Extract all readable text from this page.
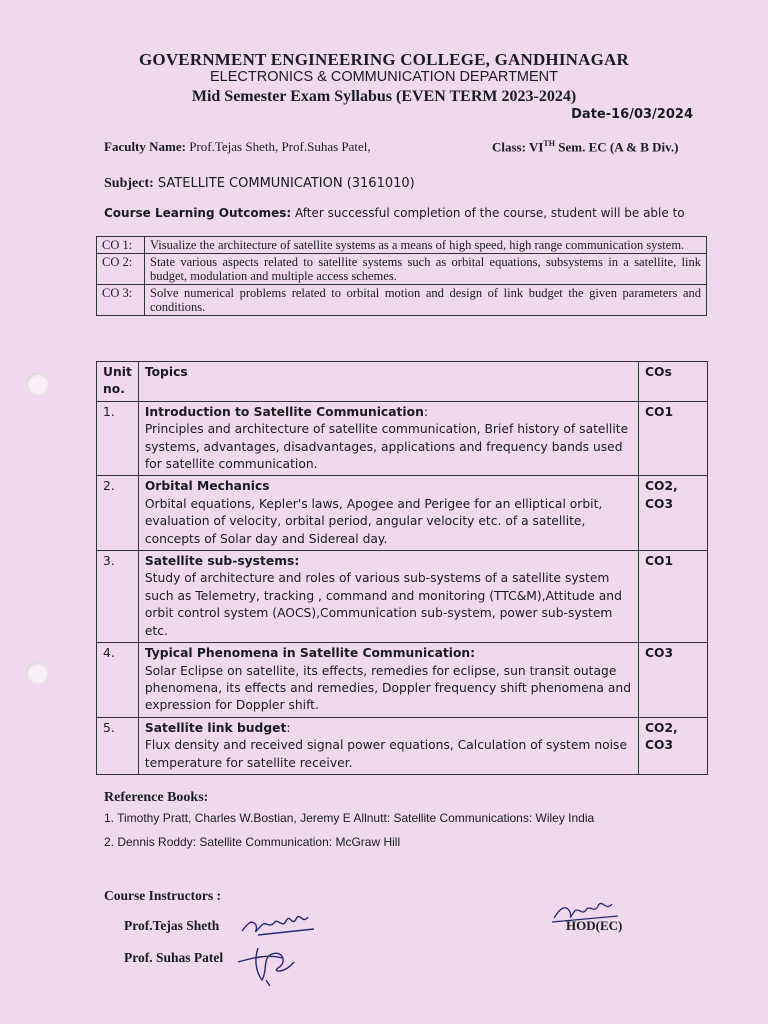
GOVERNMENT ENGINEERING COLLEGE, GANDHINAGAR
ELECTRONICS & COMMUNICATION DEPARTMENT
Mid Semester Exam Syllabus (EVEN TERM 2023-2024)
Date-16/03/2024
Faculty Name: Prof.Tejas Sheth, Prof.Suhas Patel,	Class: VITH Sem. EC (A & B Div.)
Subject: SATELLITE COMMUNICATION (3161010)
Course Learning Outcomes: After successful completion of the course, student will be able to
CO 1:	Visualize the architecture of satellite systems as a means of high speed, high range communication system.
CO 2:	State various aspects related to satellite systems such as orbital equations, subsystems in a satellite, link budget, modulation and multiple access schemes.
CO 3:	Solve numerical problems related to orbital motion and design of link budget the given parameters and conditions.
Unit no.	Topics	COs
1.	Introduction to Satellite Communication:
Principles and architecture of satellite communication, Brief history of satellite systems, advantages, disadvantages, applications and frequency bands used for satellite communication.	CO1
2.	Orbital Mechanics
Orbital equations, Kepler's laws, Apogee and Perigee for an elliptical orbit, evaluation of velocity, orbital period, angular velocity etc. of a satellite, concepts of Solar day and Sidereal day.	CO2, CO3
3.	Satellite sub-systems:
Study of architecture and roles of various sub-systems of a satellite system such as Telemetry, tracking , command and monitoring (TTC&M),Attitude and orbit control system (AOCS),Communication sub-system, power sub-system etc.	CO1
4.	Typical Phenomena in Satellite Communication:
Solar Eclipse on satellite, its effects, remedies for eclipse, sun transit outage phenomena, its effects and remedies, Doppler frequency shift phenomena and expression for Doppler shift.	CO3
5.	Satellite link budget:
Flux density and received signal power equations, Calculation of system noise temperature for satellite receiver.	CO2, CO3
Reference Books:
1. Timothy Pratt, Charles W.Bostian, Jeremy E Allnutt: Satellite Communications: Wiley India
2. Dennis Roddy: Satellite Communication: McGraw Hill
Course Instructors :
Prof.Tejas Sheth
Prof. Suhas Patel
HOD(EC)
